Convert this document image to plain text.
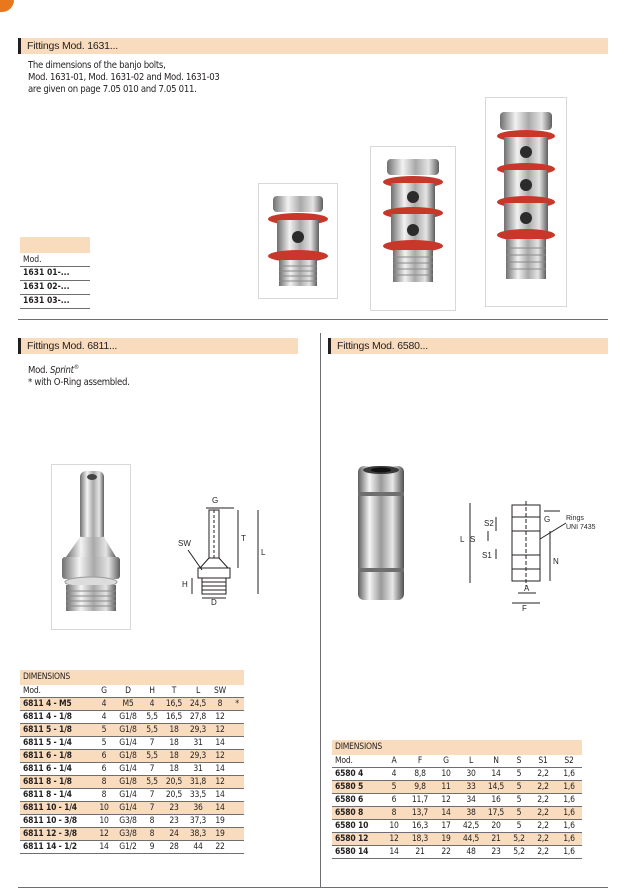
Fittings Mod. 1631...
The dimensions of the banjo bolts,
Mod. 1631-01, Mod. 1631-02 and Mod. 1631-03
are given on page 7.05 010 and 7.05 011.
Mod.
1631 01-...
1631 02-...
1631 03-...
Fittings Mod. 6811...
Mod. Sprint®
* with O-Ring assembled.
G
SW
T
L
H
D
DIMENSIONS
Mod.	G	D	H	T	L	SW	
6811 4 - M5	4	M5	4	16,5	24,5	8	*
6811 4 - 1/8	4	G1/8	5,5	16,5	27,8	12	
6811 5 - 1/8	5	G1/8	5,5	18	29,3	12	
6811 5 - 1/4	5	G1/4	7	18	31	14	
6811 6 - 1/8	6	G1/8	5,5	18	29,3	12	
6811 6 - 1/4	6	G1/4	7	18	31	14	
6811 8 - 1/8	8	G1/8	5,5	20,5	31,8	12	
6811 8 - 1/4	8	G1/4	7	20,5	33,5	14	
6811 10 - 1/4	10	G1/4	7	23	36	14	
6811 10 - 3/8	10	G3/8	8	23	37,3	19	
6811 12 - 3/8	12	G3/8	8	24	38,3	19	
6811 14 - 1/2	14	G1/2	9	28	44	22	
Fittings Mod. 6580...
G Rings
UNI 7435
S2
S
L
S1
N
A
F
DIMENSIONS
Mod.	A	F	G	L	N	S	S1	S2
6580 4	4	8,8	10	30	14	5	2,2	1,6
6580 5	5	9,8	11	33	14,5	5	2,2	1,6
6580 6	6	11,7	12	34	16	5	2,2	1,6
6580 8	8	13,7	14	38	17,5	5	2,2	1,6
6580 10	10	16,3	17	42,5	20	5	2,2	1,6
6580 12	12	18,3	19	44,5	21	5,2	2,2	1,6
6580 14	14	21	22	48	23	5,2	2,2	1,6
